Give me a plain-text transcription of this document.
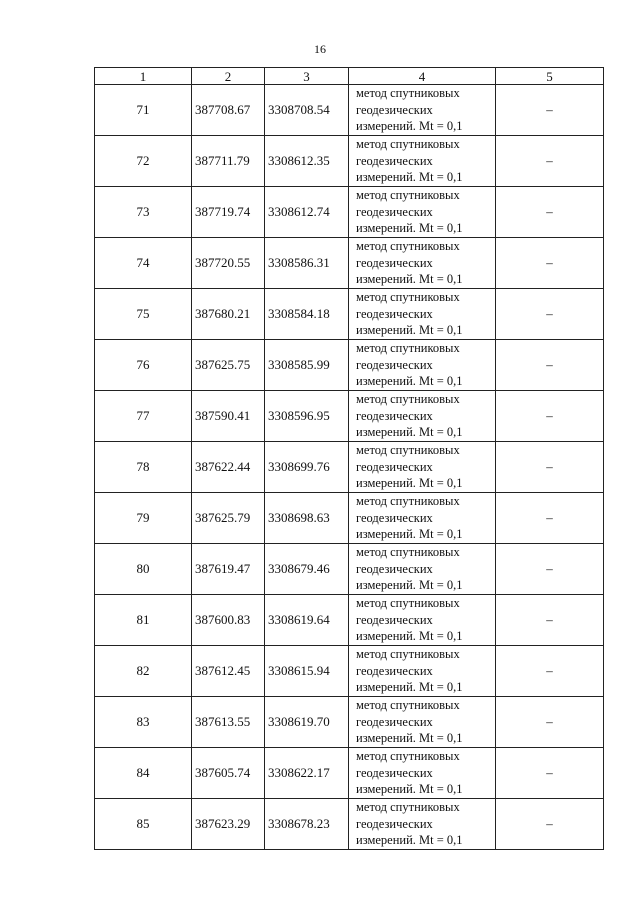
16
1	2	3	4	5
71	387708.67	3308708.54	метод спутниковых геодезических измерений. Mt = 0,1	–
72	387711.79	3308612.35	метод спутниковых геодезических измерений. Mt = 0,1	–
73	387719.74	3308612.74	метод спутниковых геодезических измерений. Mt = 0,1	–
74	387720.55	3308586.31	метод спутниковых геодезических измерений. Mt = 0,1	–
75	387680.21	3308584.18	метод спутниковых геодезических измерений. Mt = 0,1	–
76	387625.75	3308585.99	метод спутниковых геодезических измерений. Mt = 0,1	–
77	387590.41	3308596.95	метод спутниковых геодезических измерений. Mt = 0,1	–
78	387622.44	3308699.76	метод спутниковых геодезических измерений. Mt = 0,1	–
79	387625.79	3308698.63	метод спутниковых геодезических измерений. Mt = 0,1	–
80	387619.47	3308679.46	метод спутниковых геодезических измерений. Mt = 0,1	–
81	387600.83	3308619.64	метод спутниковых геодезических измерений. Mt = 0,1	–
82	387612.45	3308615.94	метод спутниковых геодезических измерений. Mt = 0,1	–
83	387613.55	3308619.70	метод спутниковых геодезических измерений. Mt = 0,1	–
84	387605.74	3308622.17	метод спутниковых геодезических измерений. Mt = 0,1	–
85	387623.29	3308678.23	метод спутниковых геодезических измерений. Mt = 0,1	–
